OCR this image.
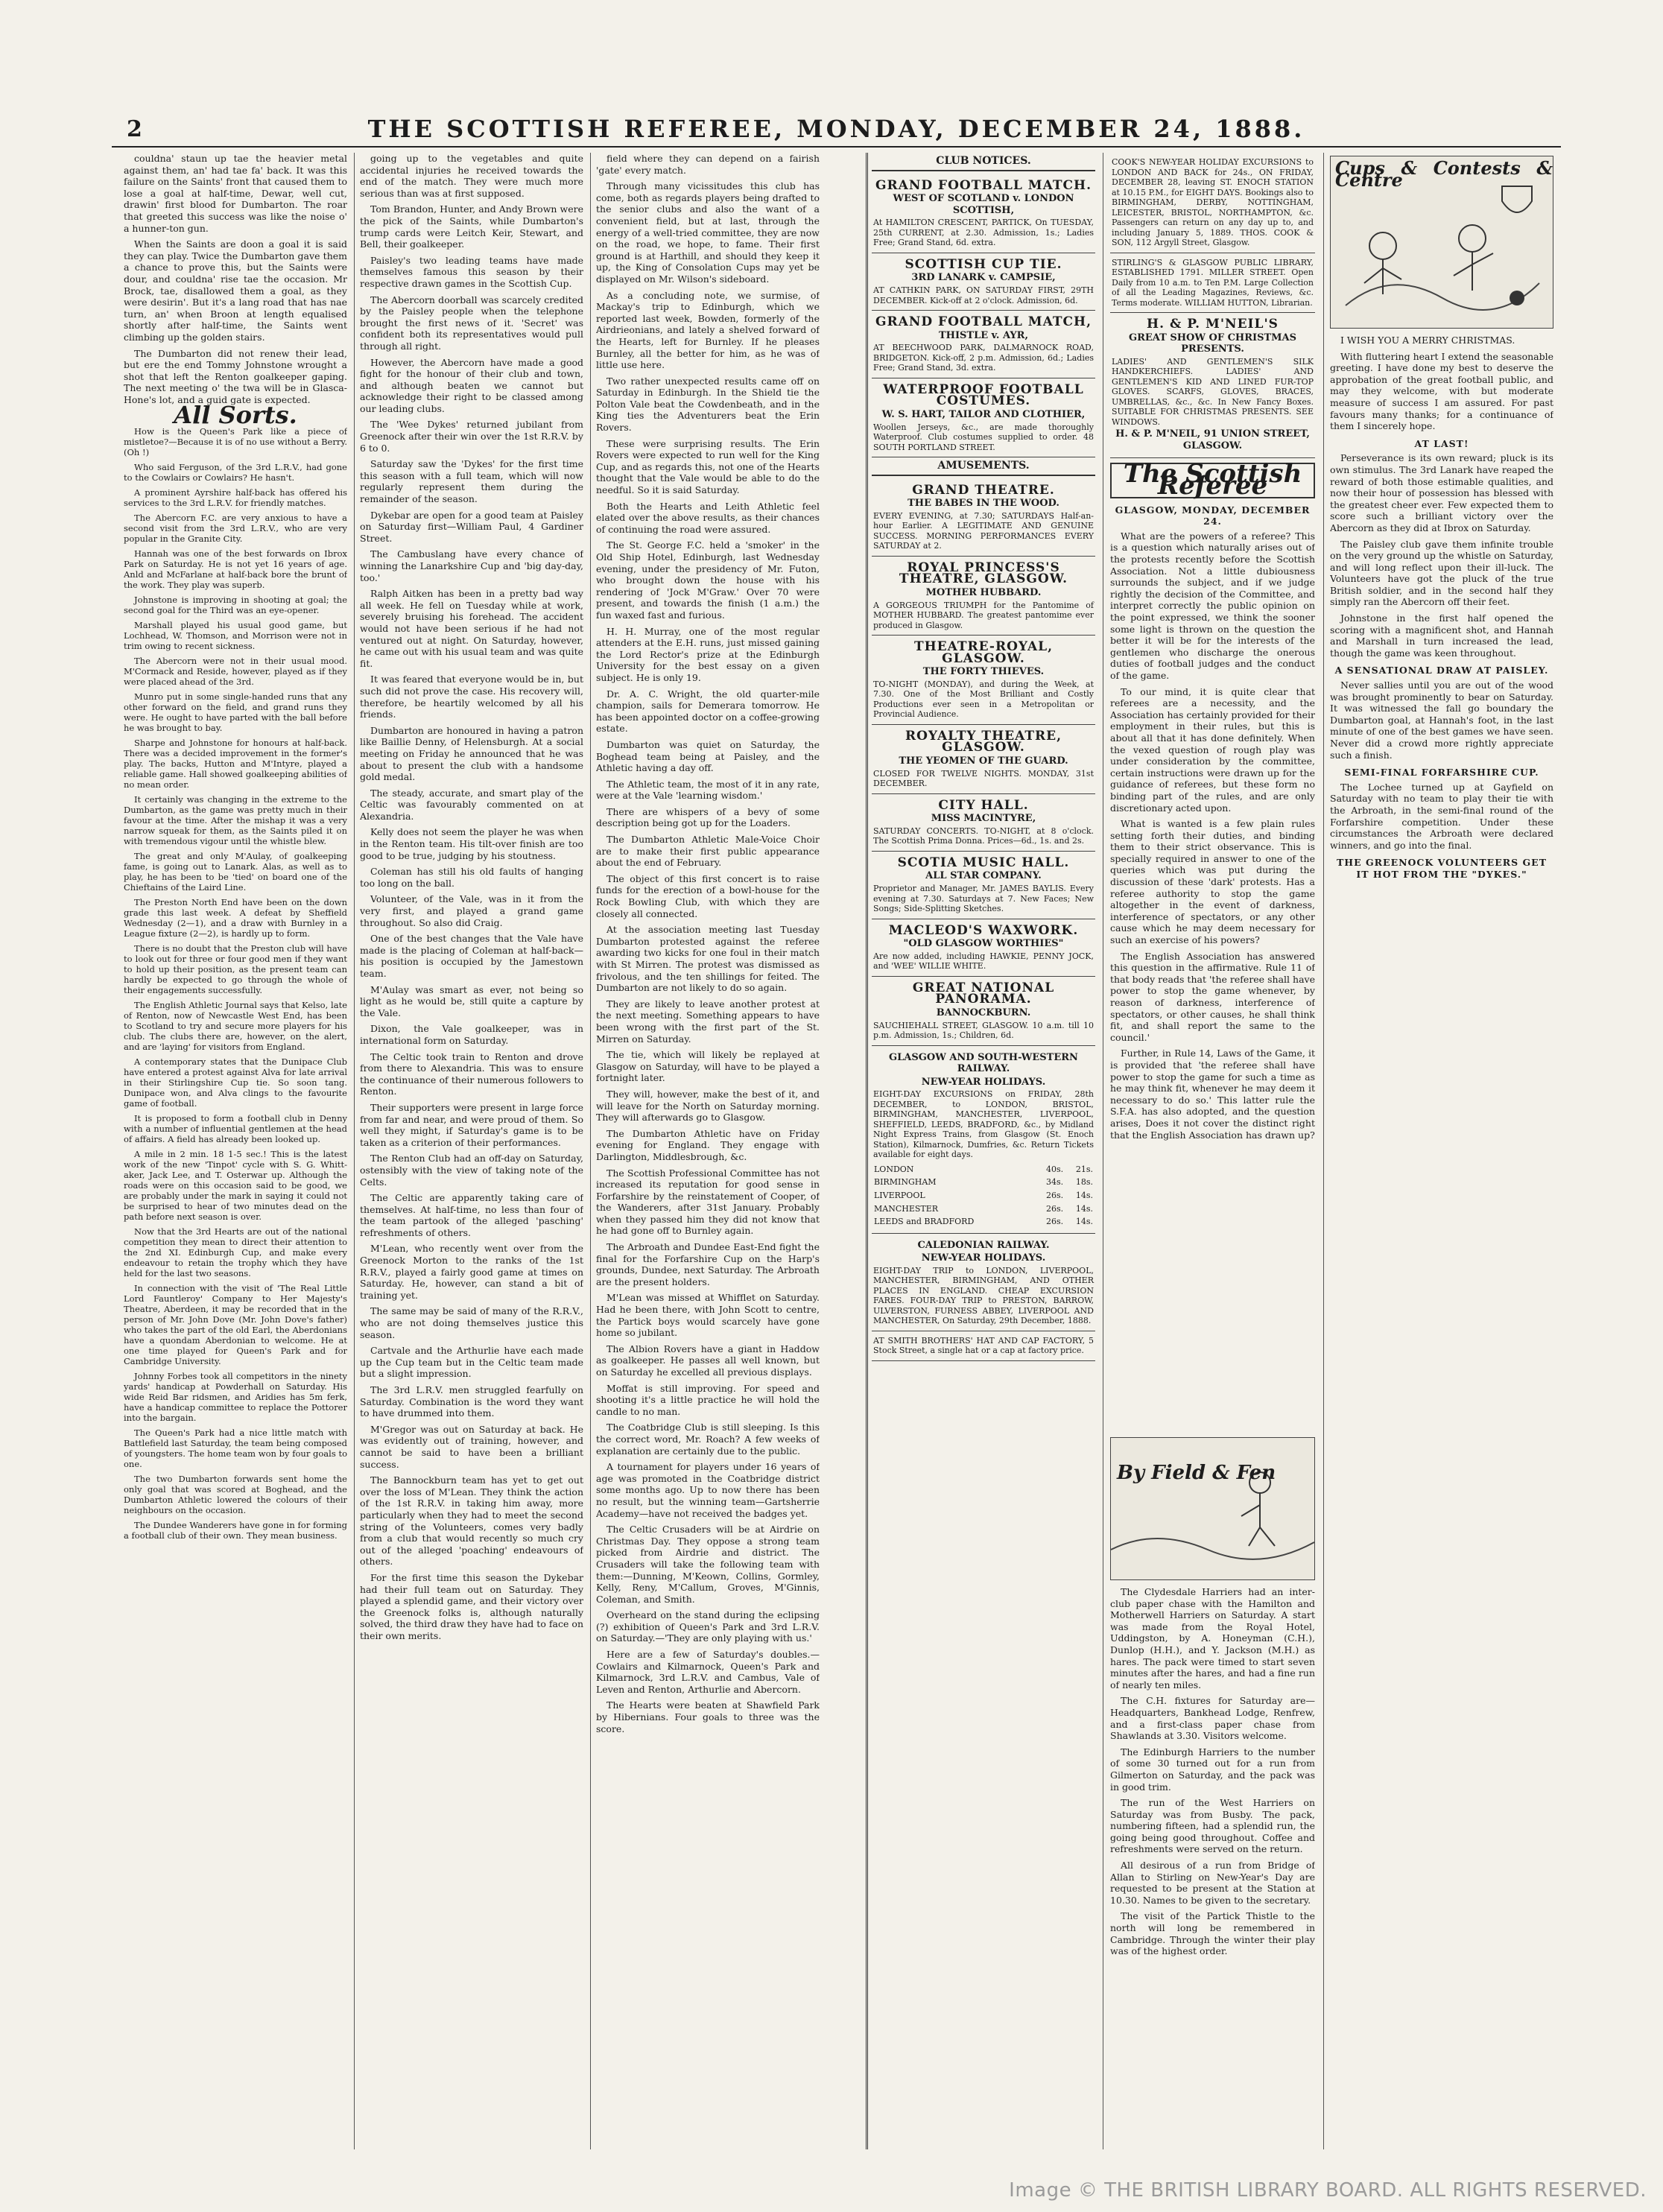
2	THE SCOTTISH REFEREE, MONDAY, DECEMBER 24, 1888.

couldna' staun up tae the heavier metal against them, an' had tae fa' back. It was this failure on the Saints' front that caused them to lose a goal at half-time, Dewar, well cut, drawin' first blood for Dumbarton. The roar that greeted this success was like the noise o' a hunner-ton gun.

When the Saints are doon a goal it is said they can play. Twice the Dumbarton gave them a chance to prove this, but the Saints were dour, and couldna' rise tae the occasion. Mr Brock, tae, disallowed them a goal, as they were desirin'. But it's a lang road that has nae turn, an' when Broon at length equalised shortly after half-time, the Saints went climbing up the golden stairs.

The Dumbarton did not renew their lead, but ere the end Tommy Johnstone wrought a shot that left the Renton goalkeeper gaping. The next meeting o' the twa will be in Glasca-Hone's lot, and a guid gate is expected.

All Sorts.

How is the Queen's Park like a piece of mistletoe?—Because it is of no use without a Berry. (Oh !)

Who said Ferguson, of the 3rd L.R.V., had gone to the Cowlairs or Cowlairs? He hasn't.

A prominent Ayrshire half-back has offered his services to the 3rd L.R.V. for friendly matches.

The Abercorn F.C. are very anxious to have a second visit from the 3rd L.R.V., who are very popular in the Granite City.

Hannah was one of the best forwards on Ibrox Park on Saturday. He is not yet 16 years of age. Anld and McFarlane at half-back bore the brunt of the work. They play was superb.

Johnstone is improving in shooting at goal; the second goal for the Third was an eye-opener.

Marshall played his usual good game, but Lochhead, W. Thomson, and Morrison were not in trim owing to recent sickness.

The Abercorn were not in their usual mood. M'Cormack and Reside, however, played as if they were placed ahead of the 3rd.

Munro put in some single-handed runs that any other forward on the field, and grand runs they were. He ought to have parted with the ball before he was brought to bay.

Sharpe and Johnstone for honours at half-back. There was a decided improvement in the former's play. The backs, Hutton and M'Intyre, played a reliable game. Hall showed goalkeeping abilities of no mean order.

It certainly was changing in the extreme to the Dumbarton, as the game was pretty much in their favour at the time. After the mishap it was a very narrow squeak for them, as the Saints piled it on with tremendous vigour until the whistle blew.

The great and only M'Aulay, of goalkeeping fame, is going out to Lanark. Alas, as well as to play, he has been to be 'tied' on board one of the Chieftains of the Laird Line.

The Preston North End have been on the down grade this last week. A defeat by Sheffield Wednesday (2—1), and a draw with Burnley in a League fixture (2—2), is hardly up to form.

There is no doubt that the Preston club will have to look out for three or four good men if they want to hold up their position, as the present team can hardly be expected to go through the whole of their engagements successfully.

The English Athletic Journal says that Kelso, late of Renton, now of Newcastle West End, has been to Scotland to try and secure more players for his club. The clubs there are, however, on the alert, and are 'laying' for visitors from England.

A contemporary states that the Dunipace Club have entered a protest against Alva for late arrival in their Stirlingshire Cup tie. So soon tang. Dunipace won, and Alva clings to the favourite game of football.

It is proposed to form a football club in Denny with a number of influential gentlemen at the head of affairs. A field has already been looked up.

A mile in 2 min. 18 1-5 sec.! This is the latest work of the new 'Tinpot' cycle with S. G. Whitt-aker, Jack Lee, and T. Osterwar up. Although the roads were on this occasion said to be good, we are probably under the mark in saying it could not be surprised to hear of two minutes dead on the path before next season is over.

Now that the 3rd Hearts are out of the national competition they mean to direct their attention to the 2nd XI. Edinburgh Cup, and make every endeavour to retain the trophy which they have held for the last two seasons.

In connection with the visit of 'The Real Little Lord Fauntleroy' Company to Her Majesty's Theatre, Aberdeen, it may be recorded that in the person of Mr. John Dove (Mr. John Dove's father) who takes the part of the old Earl, the Aberdonians have a quondam Aberdonian to welcome. He at one time played for Queen's Park and for Cambridge University.

Johnny Forbes took all competitors in the ninety yards' handicap at Powderhall on Saturday. His wide Reid Bar ridsmen, and Aridies has 5m ferk, have a handicap committee to replace the Pottorer into the bargain.

The Queen's Park had a nice little match with Battlefield last Saturday, the team being composed of youngsters. The home team won by four goals to one.

The two Dumbarton forwards sent home the only goal that was scored at Boghead, and the Dumbarton Athletic lowered the colours of their neighbours on the occasion.

The Dundee Wanderers have gone in for forming a football club of their own. They mean business.

going up to the vegetables and quite accidental injuries he received towards the end of the match. They were much more serious than was at first supposed.

Tom Brandon, Hunter, and Andy Brown were the pick of the Saints, while Dumbarton's trump cards were Leitch Keir, Stewart, and Bell, their goalkeeper.

Paisley's two leading teams have made themselves famous this season by their respective drawn games in the Scottish Cup.

The Abercorn doorball was scarcely credited by the Paisley people when the telephone brought the first news of it. 'Secret' was confident both its representatives would pull through all right.

However, the Abercorn have made a good fight for the honour of their club and town, and although beaten we cannot but acknowledge their right to be classed among our leading clubs.

The 'Wee Dykes' returned jubilant from Greenock after their win over the 1st R.R.V. by 6 to 0.

Saturday saw the 'Dykes' for the first time this season with a full team, which will now regularly represent them during the remainder of the season.

Dykebar are open for a good team at Paisley on Saturday first—William Paul, 4 Gardiner Street.

The Cambuslang have every chance of winning the Lanarkshire Cup and 'big day-day, too.'

Ralph Aitken has been in a pretty bad way all week. He fell on Tuesday while at work, severely bruising his forehead. The accident would not have been serious if he had not ventured out at night. On Saturday, however, he came out with his usual team and was quite fit.

It was feared that everyone would be in, but such did not prove the case. His recovery will, therefore, be heartily welcomed by all his friends.

Dumbarton are honoured in having a patron like Baillie Denny, of Helensburgh. At a social meeting on Friday he announced that he was about to present the club with a handsome gold medal.

The steady, accurate, and smart play of the Celtic was favourably commented on at Alexandria.

Kelly does not seem the player he was when in the Renton team. His tilt-over finish are too good to be true, judging by his stoutness.

Coleman has still his old faults of hanging too long on the ball.

Volunteer, of the Vale, was in it from the very first, and played a grand game throughout. So also did Craig.

One of the best changes that the Vale have made is the placing of Coleman at half-back—his position is occupied by the Jamestown team.

M'Aulay was smart as ever, not being so light as he would be, still quite a capture by the Vale.

Dixon, the Vale goalkeeper, was in international form on Saturday.

The Celtic took train to Renton and drove from there to Alexandria. This was to ensure the continuance of their numerous followers to Renton.

Their supporters were present in large force from far and near, and were proud of them. So well they might, if Saturday's game is to be taken as a criterion of their performances.

The Renton Club had an off-day on Saturday, ostensibly with the view of taking note of the Celts.

The Celtic are apparently taking care of themselves. At half-time, no less than four of the team partook of the alleged 'pasching' refreshments of others.

M'Lean, who recently went over from the Greenock Morton to the ranks of the 1st R.R.V., played a fairly good game at times on Saturday. He, however, can stand a bit of training yet.

The same may be said of many of the R.R.V., who are not doing themselves justice this season.

Cartvale and the Arthurlie have each made up the Cup team but in the Celtic team made but a slight impression.

The 3rd L.R.V. men struggled fearfully on Saturday. Combination is the word they want to have drummed into them.

M'Gregor was out on Saturday at back. He was evidently out of training, however, and cannot be said to have been a brilliant success.

The Bannockburn team has yet to get out over the loss of M'Lean. They think the action of the 1st R.R.V. in taking him away, more particularly when they had to meet the second string of the Volunteers, comes very badly from a club that would recently so much cry out of the alleged 'poaching' endeavours of others.

For the first time this season the Dykebar had their full team out on Saturday. They played a splendid game, and their victory over the Greenock folks is, although naturally solved, the third draw they have had to face on their own merits.

field where they can depend on a fairish 'gate' every match.

Through many vicissitudes this club has come, both as regards players being drafted to the senior clubs and also the want of a convenient field, but at last, through the energy of a well-tried committee, they are now on the road, we hope, to fame. Their first ground is at Harthill, and should they keep it up, the King of Consolation Cups may yet be displayed on Mr. Wilson's sideboard.

As a concluding note, we surmise, of Mackay's trip to Edinburgh, which we reported last week, Bowden, formerly of the Airdrieonians, and lately a shelved forward of the Hearts, left for Burnley. If he pleases Burnley, all the better for him, as he was of little use here.

Two rather unexpected results came off on Saturday in Edinburgh. In the Shield tie the Polton Vale beat the Cowdenbeath, and in the King ties the Adventurers beat the Erin Rovers.

These were surprising results. The Erin Rovers were expected to run well for the King Cup, and as regards this, not one of the Hearts thought that the Vale would be able to do the needful. So it is said Saturday.

Both the Hearts and Leith Athletic feel elated over the above results, as their chances of continuing the road were assured.

The St. George F.C. held a 'smoker' in the Old Ship Hotel, Edinburgh, last Wednesday evening, under the presidency of Mr. Futon, who brought down the house with his rendering of 'Jock M'Graw.' Over 70 were present, and towards the finish (1 a.m.) the fun waxed fast and furious.

H. H. Murray, one of the most regular attenders at the E.H. runs, just missed gaining the Lord Rector's prize at the Edinburgh University for the best essay on a given subject. He is only 19.

Dr. A. C. Wright, the old quarter-mile champion, sails for Demerara tomorrow. He has been appointed doctor on a coffee-growing estate.

Dumbarton was quiet on Saturday, the Boghead team being at Paisley, and the Athletic having a day off.

The Athletic team, the most of it in any rate, were at the Vale 'learning wisdom.'

There are whispers of a bevy of some description being got up for the Loaders.

The Dumbarton Athletic Male-Voice Choir are to make their first public appearance about the end of February.

The object of this first concert is to raise funds for the erection of a bowl-house for the Rock Bowling Club, with which they are closely all connected.

At the association meeting last Tuesday Dumbarton protested against the referee awarding two kicks for one foul in their match with St Mirren. The protest was dismissed as frivolous, and the ten shillings for feited. The Dumbarton are not likely to do so again.

They are likely to leave another protest at the next meeting. Something appears to have been wrong with the first part of the St. Mirren on Saturday.

The tie, which will likely be replayed at Glasgow on Saturday, will have to be played a fortnight later.

They will, however, make the best of it, and will leave for the North on Saturday morning. They will afterwards go to Glasgow.

The Dumbarton Athletic have on Friday evening for England. They engage with Darlington, Middlesbrough, &c.

The Scottish Professional Committee has not increased its reputation for good sense in Forfarshire by the reinstatement of Cooper, of the Wanderers, after 31st January. Probably when they passed him they did not know that he had gone off to Burnley again.

The Arbroath and Dundee East-End fight the final for the Forfarshire Cup on the Harp's grounds, Dundee, next Saturday. The Arbroath are the present holders.

M'Lean was missed at Whifflet on Saturday. Had he been there, with John Scott to centre, the Partick boys would scarcely have gone home so jubilant.

The Albion Rovers have a giant in Haddow as goalkeeper. He passes all well known, but on Saturday he excelled all previous displays.

Moffat is still improving. For speed and shooting it's a little practice he will hold the candle to no man.

The Coatbridge Club is still sleeping. Is this the correct word, Mr. Roach? A few weeks of explanation are certainly due to the public.

A tournament for players under 16 years of age was promoted in the Coatbridge district some months ago. Up to now there has been no result, but the winning team—Gartsherrie Academy—have not received the badges yet.

The Celtic Crusaders will be at Airdrie on Christmas Day. They oppose a strong team picked from Airdrie and district. The Crusaders will take the following team with them:—Dunning, M'Keown, Collins, Gormley, Kelly, Reny, M'Callum, Groves, M'Ginnis, Coleman, and Smith.

Overheard on the stand during the eclipsing (?) exhibition of Queen's Park and 3rd L.R.V. on Saturday.—'They are only playing with us.'

Here are a few of Saturday's doubles.—Cowlairs and Kilmarnock, Queen's Park and Kilmarnock, 3rd L.R.V. and Cambus, Vale of Leven and Renton, Arthurlie and Abercorn.

The Hearts were beaten at Shawfield Park by Hibernians. Four goals to three was the score.

CLUB NOTICES.
GRAND FOOTBALL MATCH.
WEST OF SCOTLAND v. LONDON SCOTTISH,
At HAMILTON CRESCENT, PARTICK, On TUESDAY, 25th CURRENT, at 2.30. Admission, 1s.; Ladies Free; Grand Stand, 6d. extra.
SCOTTISH CUP TIE.
3RD LANARK v. CAMPSIE,
AT CATHKIN PARK, ON SATURDAY FIRST, 29TH DECEMBER. Kick-off at 2 o'clock. Admission, 6d.
GRAND FOOTBALL MATCH,
THISTLE v. AYR,
AT BEECHWOOD PARK, DALMARNOCK ROAD, BRIDGETON. Kick-off, 2 p.m. Admission, 6d.; Ladies Free; Grand Stand, 3d. extra.
WATERPROOF FOOTBALL COSTUMES.
W. S. HART, TAILOR AND CLOTHIER,
Woollen Jerseys, &c., are made thoroughly Waterproof. Club costumes supplied to order. 48 SOUTH PORTLAND STREET.
AMUSEMENTS.
GRAND THEATRE.
THE BABES IN THE WOOD.
EVERY EVENING, at 7.30; SATURDAYS Half-an-hour Earlier. A LEGITIMATE AND GENUINE SUCCESS. MORNING PERFORMANCES EVERY SATURDAY at 2.
ROYAL PRINCESS'S THEATRE, GLASGOW.
MOTHER HUBBARD.
A GORGEOUS TRIUMPH for the Pantomime of MOTHER HUBBARD. The greatest pantomime ever produced in Glasgow.
THEATRE-ROYAL, GLASGOW.
THE FORTY THIEVES.
TO-NIGHT (MONDAY), and during the Week, at 7.30. One of the Most Brilliant and Costly Productions ever seen in a Metropolitan or Provincial Audience.
ROYALTY THEATRE, GLASGOW.
THE YEOMEN OF THE GUARD.
CLOSED FOR TWELVE NIGHTS. MONDAY, 31st DECEMBER.
CITY HALL.
MISS MACINTYRE,
SATURDAY CONCERTS. TO-NIGHT, at 8 o'clock. The Scottish Prima Donna. Prices—6d., 1s. and 2s.
SCOTIA MUSIC HALL.
ALL STAR COMPANY.
Proprietor and Manager, Mr. JAMES BAYLIS. Every evening at 7.30. Saturdays at 7. New Faces; New Songs; Side-Splitting Sketches.
MACLEOD'S WAXWORK.
"OLD GLASGOW WORTHIES"
Are now added, including HAWKIE, PENNY JOCK, and 'WEE' WILLIE WHITE.
GREAT NATIONAL PANORAMA.
BANNOCKBURN.
SAUCHIEHALL STREET, GLASGOW. 10 a.m. till 10 p.m. Admission, 1s.; Children, 6d.
GLASGOW AND SOUTH-WESTERN RAILWAY.
NEW-YEAR HOLIDAYS.
EIGHT-DAY EXCURSIONS on FRIDAY, 28th DECEMBER, to LONDON, BRISTOL, BIRMINGHAM, MANCHESTER, LIVERPOOL, SHEFFIELD, LEEDS, BRADFORD, &c., by Midland Night Express Trains, from Glasgow (St. Enoch Station), Kilmarnock, Dumfries, &c. Return Tickets available for eight days.
LONDON	40s.	21s.
BIRMINGHAM	34s.	18s.
LIVERPOOL	26s.	14s.
MANCHESTER	26s.	14s.
LEEDS and BRADFORD	26s.	14s.
CALEDONIAN RAILWAY.
NEW-YEAR HOLIDAYS.
EIGHT-DAY TRIP to LONDON, LIVERPOOL, MANCHESTER, BIRMINGHAM, AND OTHER PLACES IN ENGLAND. CHEAP EXCURSION FARES. FOUR-DAY TRIP to PRESTON, BARROW, ULVERSTON, FURNESS ABBEY, LIVERPOOL AND MANCHESTER, On Saturday, 29th December, 1888.
AT SMITH BROTHERS' HAT AND CAP FACTORY, 5 Stock Street, a single hat or a cap at factory price.
COOK'S NEW-YEAR HOLIDAY EXCURSIONS to LONDON AND BACK for 24s., ON FRIDAY, DECEMBER 28, leaving ST. ENOCH STATION at 10.15 P.M., for EIGHT DAYS. Bookings also to BIRMINGHAM, DERBY, NOTTINGHAM, LEICESTER, BRISTOL, NORTHAMPTON, &c. Passengers can return on any day up to, and including January 5, 1889. THOS. COOK & SON, 112 Argyll Street, Glasgow.
STIRLING'S & GLASGOW PUBLIC LIBRARY, ESTABLISHED 1791. MILLER STREET. Open Daily from 10 a.m. to Ten P.M. Large Collection of all the Leading Magazines, Reviews, &c. Terms moderate. WILLIAM HUTTON, Librarian.
H. & P. M'NEIL'S
GREAT SHOW OF CHRISTMAS PRESENTS.
LADIES' AND GENTLEMEN'S SILK HANDKERCHIEFS. LADIES' AND GENTLEMEN'S KID AND LINED FUR-TOP GLOVES. SCARFS, GLOVES, BRACES, UMBRELLAS, &c., &c. In New Fancy Boxes. SUITABLE FOR CHRISTMAS PRESENTS. SEE WINDOWS.
H. & P. M'NEIL, 91 UNION STREET, GLASGOW.
The Scottish Referee
GLASGOW, MONDAY, DECEMBER 24.

What are the powers of a referee? This is a question which naturally arises out of the protests recently before the Scottish Association. Not a little dubiousness surrounds the subject, and if we judge rightly the decision of the Committee, and interpret correctly the public opinion on the point expressed, we think the sooner some light is thrown on the question the better it will be for the interests of the gentlemen who discharge the onerous duties of football judges and the conduct of the game.

To our mind, it is quite clear that referees are a necessity, and the Association has certainly provided for their employment in their rules, but this is about all that it has done definitely. When the vexed question of rough play was under consideration by the committee, certain instructions were drawn up for the guidance of referees, but these form no binding part of the rules, and are only discretionary acted upon.

What is wanted is a few plain rules setting forth their duties, and binding them to their strict observance. This is specially required in answer to one of the queries which was put during the discussion of these 'dark' protests. Has a referee authority to stop the game altogether in the event of darkness, interference of spectators, or any other cause which he may deem necessary for such an exercise of his powers?

The English Association has answered this question in the affirmative. Rule 11 of that body reads that 'the referee shall have power to stop the game whenever, by reason of darkness, interference of spectators, or other causes, he shall think fit, and shall report the same to the council.'

Further, in Rule 14, Laws of the Game, it is provided that 'the referee shall have power to stop the game for such a time as he may think fit, whenever he may deem it necessary to do so.' This latter rule the S.F.A. has also adopted, and the question arises, Does it not cover the distinct right that the English Association has drawn up?

Cups & Contests & Centre

I WISH YOU A MERRY CHRISTMAS.

With fluttering heart I extend the seasonable greeting. I have done my best to deserve the approbation of the great football public, and may they welcome, with but moderate measure of success I am assured. For past favours many thanks; for a continuance of them I sincerely hope.

AT LAST!

Perseverance is its own reward; pluck is its own stimulus. The 3rd Lanark have reaped the reward of both those estimable qualities, and now their hour of possession has blessed with the greatest cheer ever. Few expected them to score such a brilliant victory over the Abercorn as they did at Ibrox on Saturday.

The Paisley club gave them infinite trouble on the very ground up the whistle on Saturday, and will long reflect upon their ill-luck. The Volunteers have got the pluck of the true British soldier, and in the second half they simply ran the Abercorn off their feet.

Johnstone in the first half opened the scoring with a magnificent shot, and Hannah and Marshall in turn increased the lead, though the game was keen throughout.

A SENSATIONAL DRAW AT PAISLEY.

Never sallies until you are out of the wood was brought prominently to bear on Saturday. It was witnessed the fall go boundary the Dumbarton goal, at Hannah's foot, in the last minute of one of the best games we have seen. Never did a crowd more rightly appreciate such a finish.

SEMI-FINAL FORFARSHIRE CUP.

The Lochee turned up at Gayfield on Saturday with no team to play their tie with the Arbroath, in the semi-final round of the Forfarshire competition. Under these circumstances the Arbroath were declared winners, and go into the final.

THE GREENOCK VOLUNTEERS GET IT HOT FROM THE "DYKES."
By Field & Fen

The Clydesdale Harriers had an inter-club paper chase with the Hamilton and Motherwell Harriers on Saturday. A start was made from the Royal Hotel, Uddingston, by A. Honeyman (C.H.), Dunlop (H.H.), and Y. Jackson (M.H.) as hares. The pack were timed to start seven minutes after the hares, and had a fine run of nearly ten miles.

The C.H. fixtures for Saturday are—Headquarters, Bankhead Lodge, Renfrew, and a first-class paper chase from Shawlands at 3.30. Visitors welcome.

The Edinburgh Harriers to the number of some 30 turned out for a run from Gilmerton on Saturday, and the pack was in good trim.

The run of the West Harriers on Saturday was from Busby. The pack, numbering fifteen, had a splendid run, the going being good throughout. Coffee and refreshments were served on the return.

All desirous of a run from Bridge of Allan to Stirling on New-Year's Day are requested to be present at the Station at 10.30. Names to be given to the secretary.

The visit of the Partick Thistle to the north will long be remembered in Cambridge. Through the winter their play was of the highest order.

Image © THE BRITISH LIBRARY BOARD. ALL RIGHTS RESERVED.
